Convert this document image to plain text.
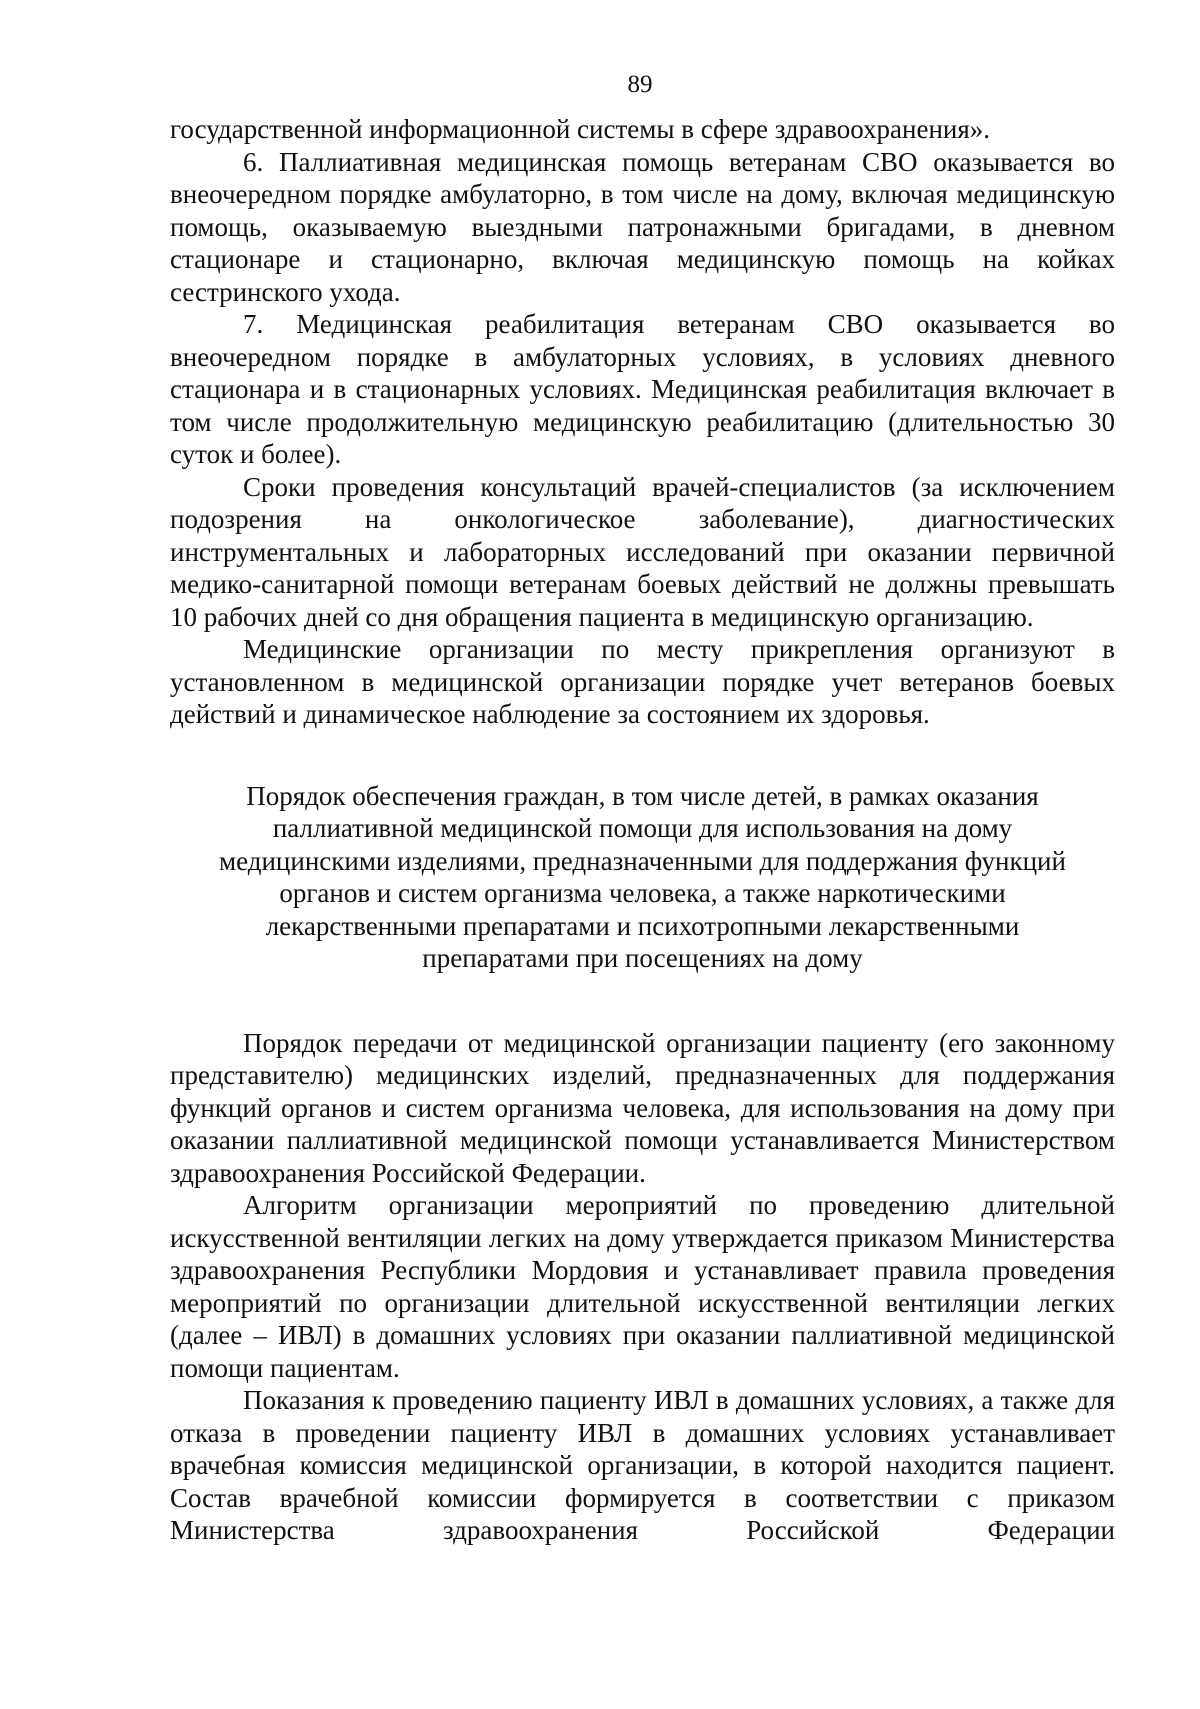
89

государственной информационной системы в сфере здравоохранения».

6. Паллиативная медицинская помощь ветеранам СВО оказывается во внеочередном порядке амбулаторно, в том числе на дому, включая медицинскую помощь, оказываемую выездными патронажными бригадами, в дневном стационаре и стационарно, включая медицинскую помощь на койках сестринского ухода.

7. Медицинская реабилитация ветеранам СВО оказывается во внеочередном порядке в амбулаторных условиях, в условиях дневного стационара и в стационарных условиях. Медицинская реабилитация включает в том числе продолжительную медицинскую реабилитацию (длительностью 30 суток и более).

Сроки проведения консультаций врачей-специалистов (за исключением подозрения на онкологическое заболевание), диагностических инструментальных и лабораторных исследований при оказании первичной медико-санитарной помощи ветеранам боевых действий не должны превышать 10 рабочих дней со дня обращения пациента в медицинскую организацию.

Медицинские организации по месту прикрепления организуют в установленном в медицинской организации порядке учет ветеранов боевых действий и динамическое наблюдение за состоянием их здоровья.

Порядок обеспечения граждан, в том числе детей, в рамках оказания
паллиативной медицинской помощи для использования на дому
медицинскими изделиями, предназначенными для поддержания функций
органов и систем организма человека, а также наркотическими
лекарственными препаратами и психотропными лекарственными
препаратами при посещениях на дому

Порядок передачи от медицинской организации пациенту (его законному представителю) медицинских изделий, предназначенных для поддержания функций органов и систем организма человека, для использования на дому при оказании паллиативной медицинской помощи устанавливается Министерством здравоохранения Российской Федерации.

Алгоритм организации мероприятий по проведению длительной искусственной вентиляции легких на дому утверждается приказом Министерства здравоохранения Республики Мордовия и устанавливает правила проведения мероприятий по организации длительной искусственной вентиляции легких (далее – ИВЛ) в домашних условиях при оказании паллиативной медицинской помощи пациентам.

Показания к проведению пациенту ИВЛ в домашних условиях, а также для отказа в проведении пациенту ИВЛ в домашних условиях устанавливает врачебная комиссия медицинской организации, в которой находится пациент. Состав врачебной комиссии формируется в соответствии с приказом Министерства здравоохранения Российской Федерации
